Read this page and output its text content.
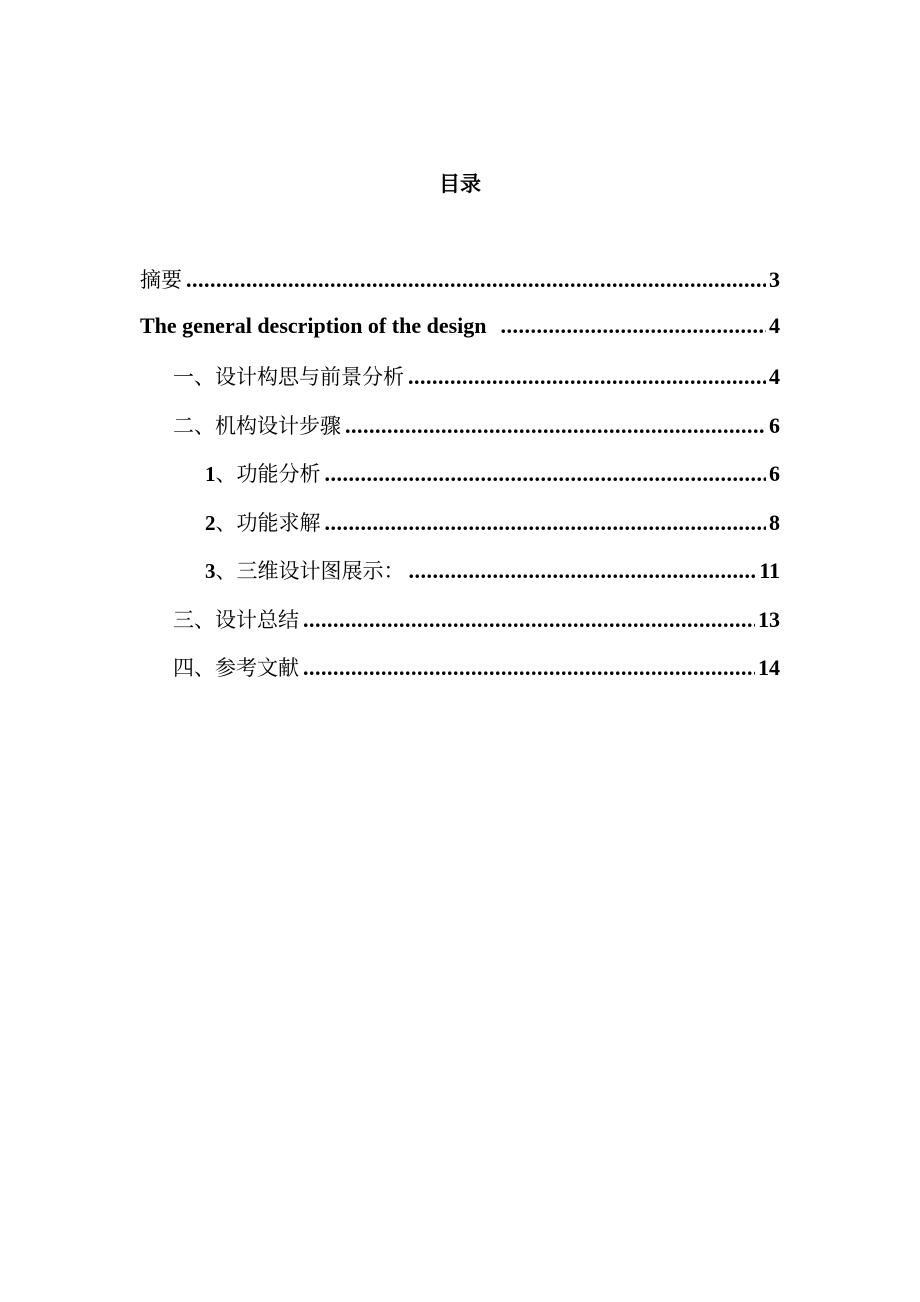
目录
摘要 .....	3
The general description of the design .....	4
一、设计构思与前景分析 .....	4
二、机构设计步骤 .....	6
1、功能分析 .....	6
2、功能求解 .....	8
3、三维设计图展示： .....	11
三、设计总结 .....	13
四、参考文献 .....	14
